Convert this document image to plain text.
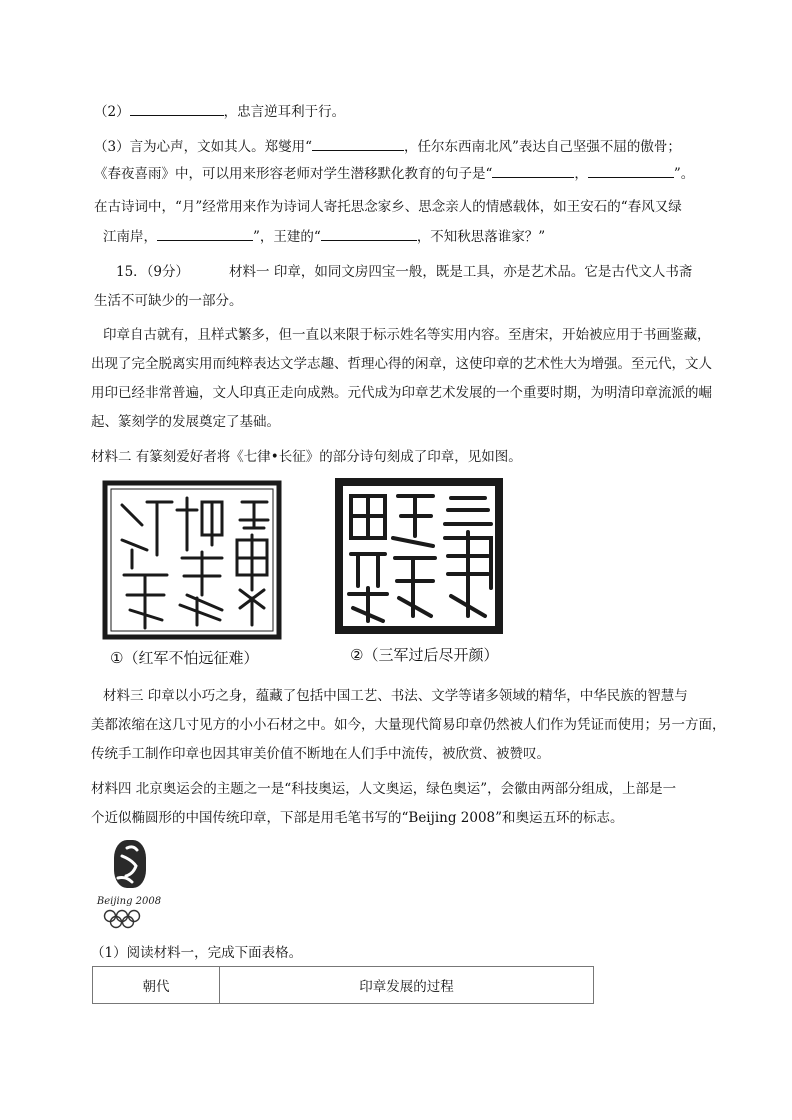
（2）	，忠言逆耳利于行。
（3）言为心声，文如其人。郑燮用“	，任尔东西南北风”表达自己坚强不屈的傲骨；
《春夜喜雨》中，可以用来形容老师对学生潜移默化教育的句子是“	，	”。
在古诗词中，“月”经常用来作为诗词人寄托思念家乡、思念亲人的情感载体，如王安石的“春风又绿
江南岸，	”，王建的“	，不知秋思落谁家？”
15．（9分）	材料一 印章，如同文房四宝一般，既是工具，亦是艺术品。它是古代文人书斋
生活不可缺少的一部分。
印章自古就有，且样式繁多，但一直以来限于标示姓名等实用内容。至唐宋，开始被应用于书画鉴藏，
出现了完全脱离实用而纯粹表达文学志趣、哲理心得的闲章，这使印章的艺术性大为增强。至元代，文人
用印已经非常普遍，文人印真正走向成熟。元代成为印章艺术发展的一个重要时期，为明清印章流派的崛
起、篆刻学的发展奠定了基础。
材料二 有篆刻爱好者将《七律•长征》的部分诗句刻成了印章，见如图。
①（红军不怕远征难）	②（三军过后尽开颜）
材料三 印章以小巧之身，蕴藏了包括中国工艺、书法、文学等诸多领域的精华，中华民族的智慧与
美都浓缩在这几寸见方的小小石材之中。如今，大量现代简易印章仍然被人们作为凭证而使用；另一方面，
传统手工制作印章也因其审美价值不断地在人们手中流传，被欣赏、被赞叹。
材料四 北京奥运会的主题之一是“科技奥运，人文奥运，绿色奥运”，会徽由两部分组成，上部是一
个近似椭圆形的中国传统印章，下部是用毛笔书写的“Beijing 2008”和奥运五环的标志。
Beijing 2008
（1）阅读材料一，完成下面表格。
朝代	印章发展的过程
